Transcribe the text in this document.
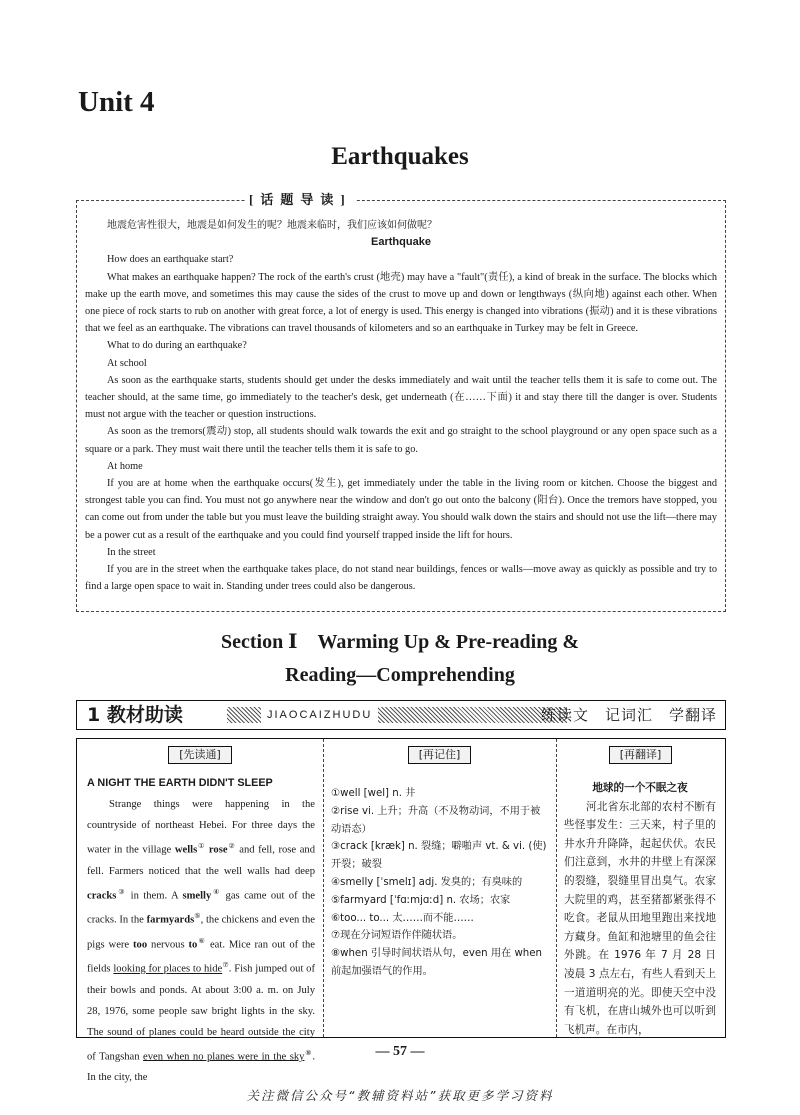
Unit 4
Earthquakes
[话题导读]

地震危害性很大，地震是如何发生的呢？地震来临时，我们应该如何做呢？

Earthquake

How does an earthquake start?

What makes an earthquake happen? The rock of the earth's crust (地壳) may have a "fault"(责任), a kind of break in the surface. The blocks which make up the earth move, and sometimes this may cause the sides of the crust to move up and down or lengthways (纵向地) against each other. When one piece of rock starts to rub on another with great force, a lot of energy is used. This energy is changed into vibrations (振动) and it is these vibrations that we feel as an earthquake. The vibrations can travel thousands of kilometers and so an earthquake in Turkey may be felt in Greece.

What to do during an earthquake?

At school

As soon as the earthquake starts, students should get under the desks immediately and wait until the teacher tells them it is safe to come out. The teacher should, at the same time, go immediately to the teacher's desk, get underneath (在……下面) it and stay there till the danger is over. Students must not argue with the teacher or question instructions.

As soon as the tremors(震动) stop, all students should walk towards the exit and go straight to the school playground or any open space such as a square or a park. They must wait there until the teacher tells them it is safe to go.

At home

If you are at home when the earthquake occurs(发生), get immediately under the table in the living room or kitchen. Choose the biggest and strongest table you can find. You must not go anywhere near the window and don't go out onto the balcony (阳台). Once the tremors have stopped, you can come out from under the table but you must leave the building straight away. You should walk down the stairs and should not use the lift—there may be a power cut as a result of the earthquake and you could find yourself trapped inside the lift for hours.

In the street

If you are in the street when the earthquake takes place, do not stand near buildings, fences or walls—move away as quickly as possible and try to find a large open space to wait in. Standing under trees could also be dangerous.

Section Ⅰ　Warming Up & Pre-reading &
Reading—Comprehending
1 教材助读	JIAOCAIZHUDU	练读文　记词汇　学翻译
[先读通]
A NIGHT THE EARTH DIDN'T SLEEP
Strange things were happening in the countryside of northeast Hebei. For three days the water in the village wells① rose② and fell, rose and fell. Farmers noticed that the well walls had deep cracks③ in them. A smelly④ gas came out of the cracks. In the farmyards⑤, the chickens and even the pigs were too nervous to⑥ eat. Mice ran out of the fields looking for places to hide⑦. Fish jumped out of their bowls and ponds. At about 3:00 a. m. on July 28, 1976, some people saw bright lights in the sky. The sound of planes could be heard outside the city of Tangshan even when no planes were in the sky⑧. In the city, the
[再记住]
①well [wel] n. 井
②rise vi. 上升；升高（不及物动词，不用于被动语态）
③crack [kræk] n. 裂缝；噼啪声 vt. & vi. (使)开裂；破裂
④smelly [ˈsmelɪ] adj. 发臭的；有臭味的
⑤farmyard [ˈfɑːmjɑːd] n. 农场；农家
⑥too... to... 太……而不能……
⑦现在分词短语作伴随状语。
⑧when 引导时间状语从句，even 用在 when 前起加强语气的作用。
[再翻译]
地球的一个不眠之夜
河北省东北部的农村不断有些怪事发生：三天来，村子里的井水升升降降，起起伏伏。农民们注意到，水井的井壁上有深深的裂缝，裂缝里冒出臭气。农家大院里的鸡，甚至猪都紧张得不吃食。老鼠从田地里跑出来找地方藏身。鱼缸和池塘里的鱼会往外跳。在 1976 年 7 月 28 日凌晨 3 点左右，有些人看到天上一道道明亮的光。即使天空中没有飞机，在唐山城外也可以听到飞机声。在市内，
— 57 —
关注微信公众号“教辅资料站”获取更多学习资料
